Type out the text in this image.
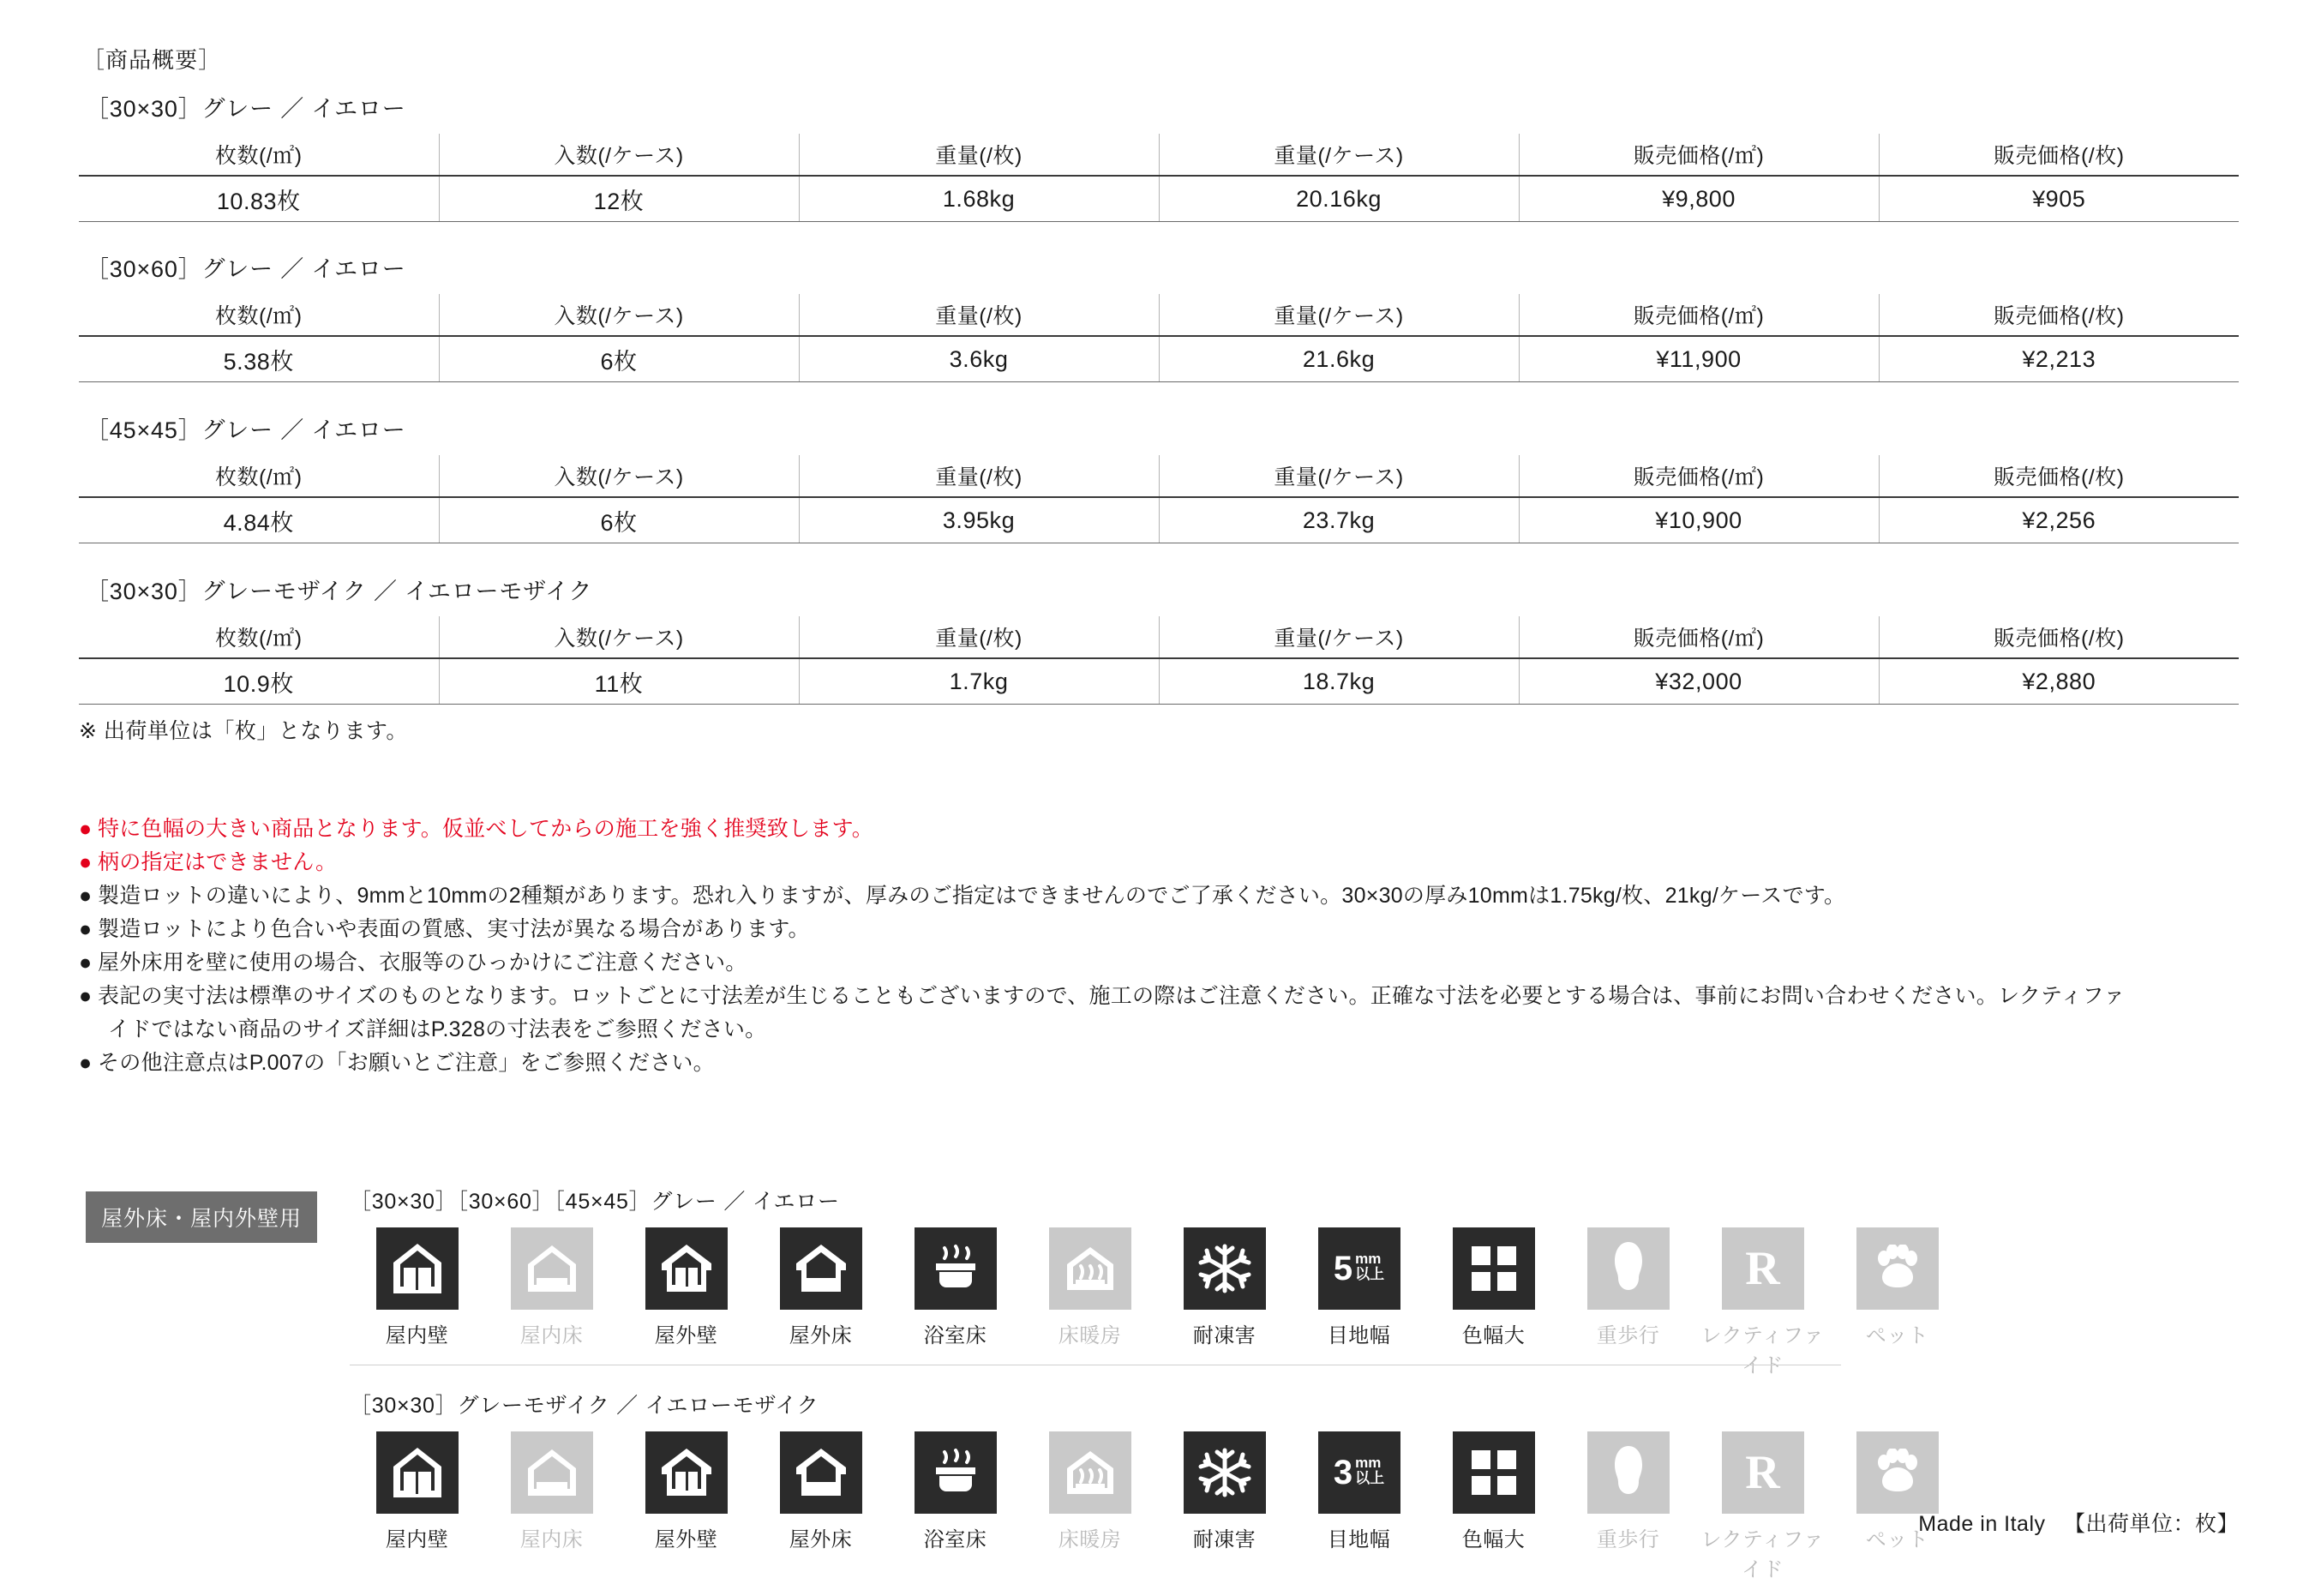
［商品概要］
［30×30］グレー ／ イエロー
枚数(/㎡)	入数(/ケース)	重量(/枚)	重量(/ケース)	販売価格(/㎡)	販売価格(/枚)
10.83枚	12枚	1.68kg	20.16kg	¥9,800	¥905
［30×60］グレー ／ イエロー
枚数(/㎡)	入数(/ケース)	重量(/枚)	重量(/ケース)	販売価格(/㎡)	販売価格(/枚)
5.38枚	6枚	3.6kg	21.6kg	¥11,900	¥2,213
［45×45］グレー ／ イエロー
枚数(/㎡)	入数(/ケース)	重量(/枚)	重量(/ケース)	販売価格(/㎡)	販売価格(/枚)
4.84枚	6枚	3.95kg	23.7kg	¥10,900	¥2,256
［30×30］グレーモザイク ／ イエローモザイク
枚数(/㎡)	入数(/ケース)	重量(/枚)	重量(/ケース)	販売価格(/㎡)	販売価格(/枚)
10.9枚	11枚	1.7kg	18.7kg	¥32,000	¥2,880
※ 出荷単位は「枚」となります。
● 特に色幅の大きい商品となります。仮並べしてからの施工を強く推奨致します。
● 柄の指定はできません。
● 製造ロットの違いにより、9mmと10mmの2種類があります。恐れ入りますが、厚みのご指定はできませんのでご了承ください。30×30の厚み10mmは1.75kg/枚、21kg/ケースです。
● 製造ロットにより色合いや表面の質感、実寸法が異なる場合があります。
● 屋外床用を壁に使用の場合、衣服等のひっかけにご注意ください。
● 表記の実寸法は標準のサイズのものとなります。ロットごとに寸法差が生じることもございますので、施工の際はご注意ください。正確な寸法を必要とする場合は、事前にお問い合わせください。レクティファ
イドではない商品のサイズ詳細はP.328の寸法表をご参照ください。
● その他注意点はP.007の「お願いとご注意」をご参照ください。
屋外床・屋内外壁用
［30×30］［30×60］［45×45］グレー ／ イエロー
屋内壁	屋内床	屋外壁	屋外床	浴室床	床暖房	耐凍害
5 mm
以上
目地幅	色幅大	重歩行
R
レクティファイド
ペット
［30×30］グレーモザイク ／ イエローモザイク
屋内壁	屋内床	屋外壁	屋外床	浴室床	床暖房	耐凍害
3 mm
以上
目地幅	色幅大	重歩行
R
レクティファイド
ペット
Made in Italy 【出荷単位：枚】
